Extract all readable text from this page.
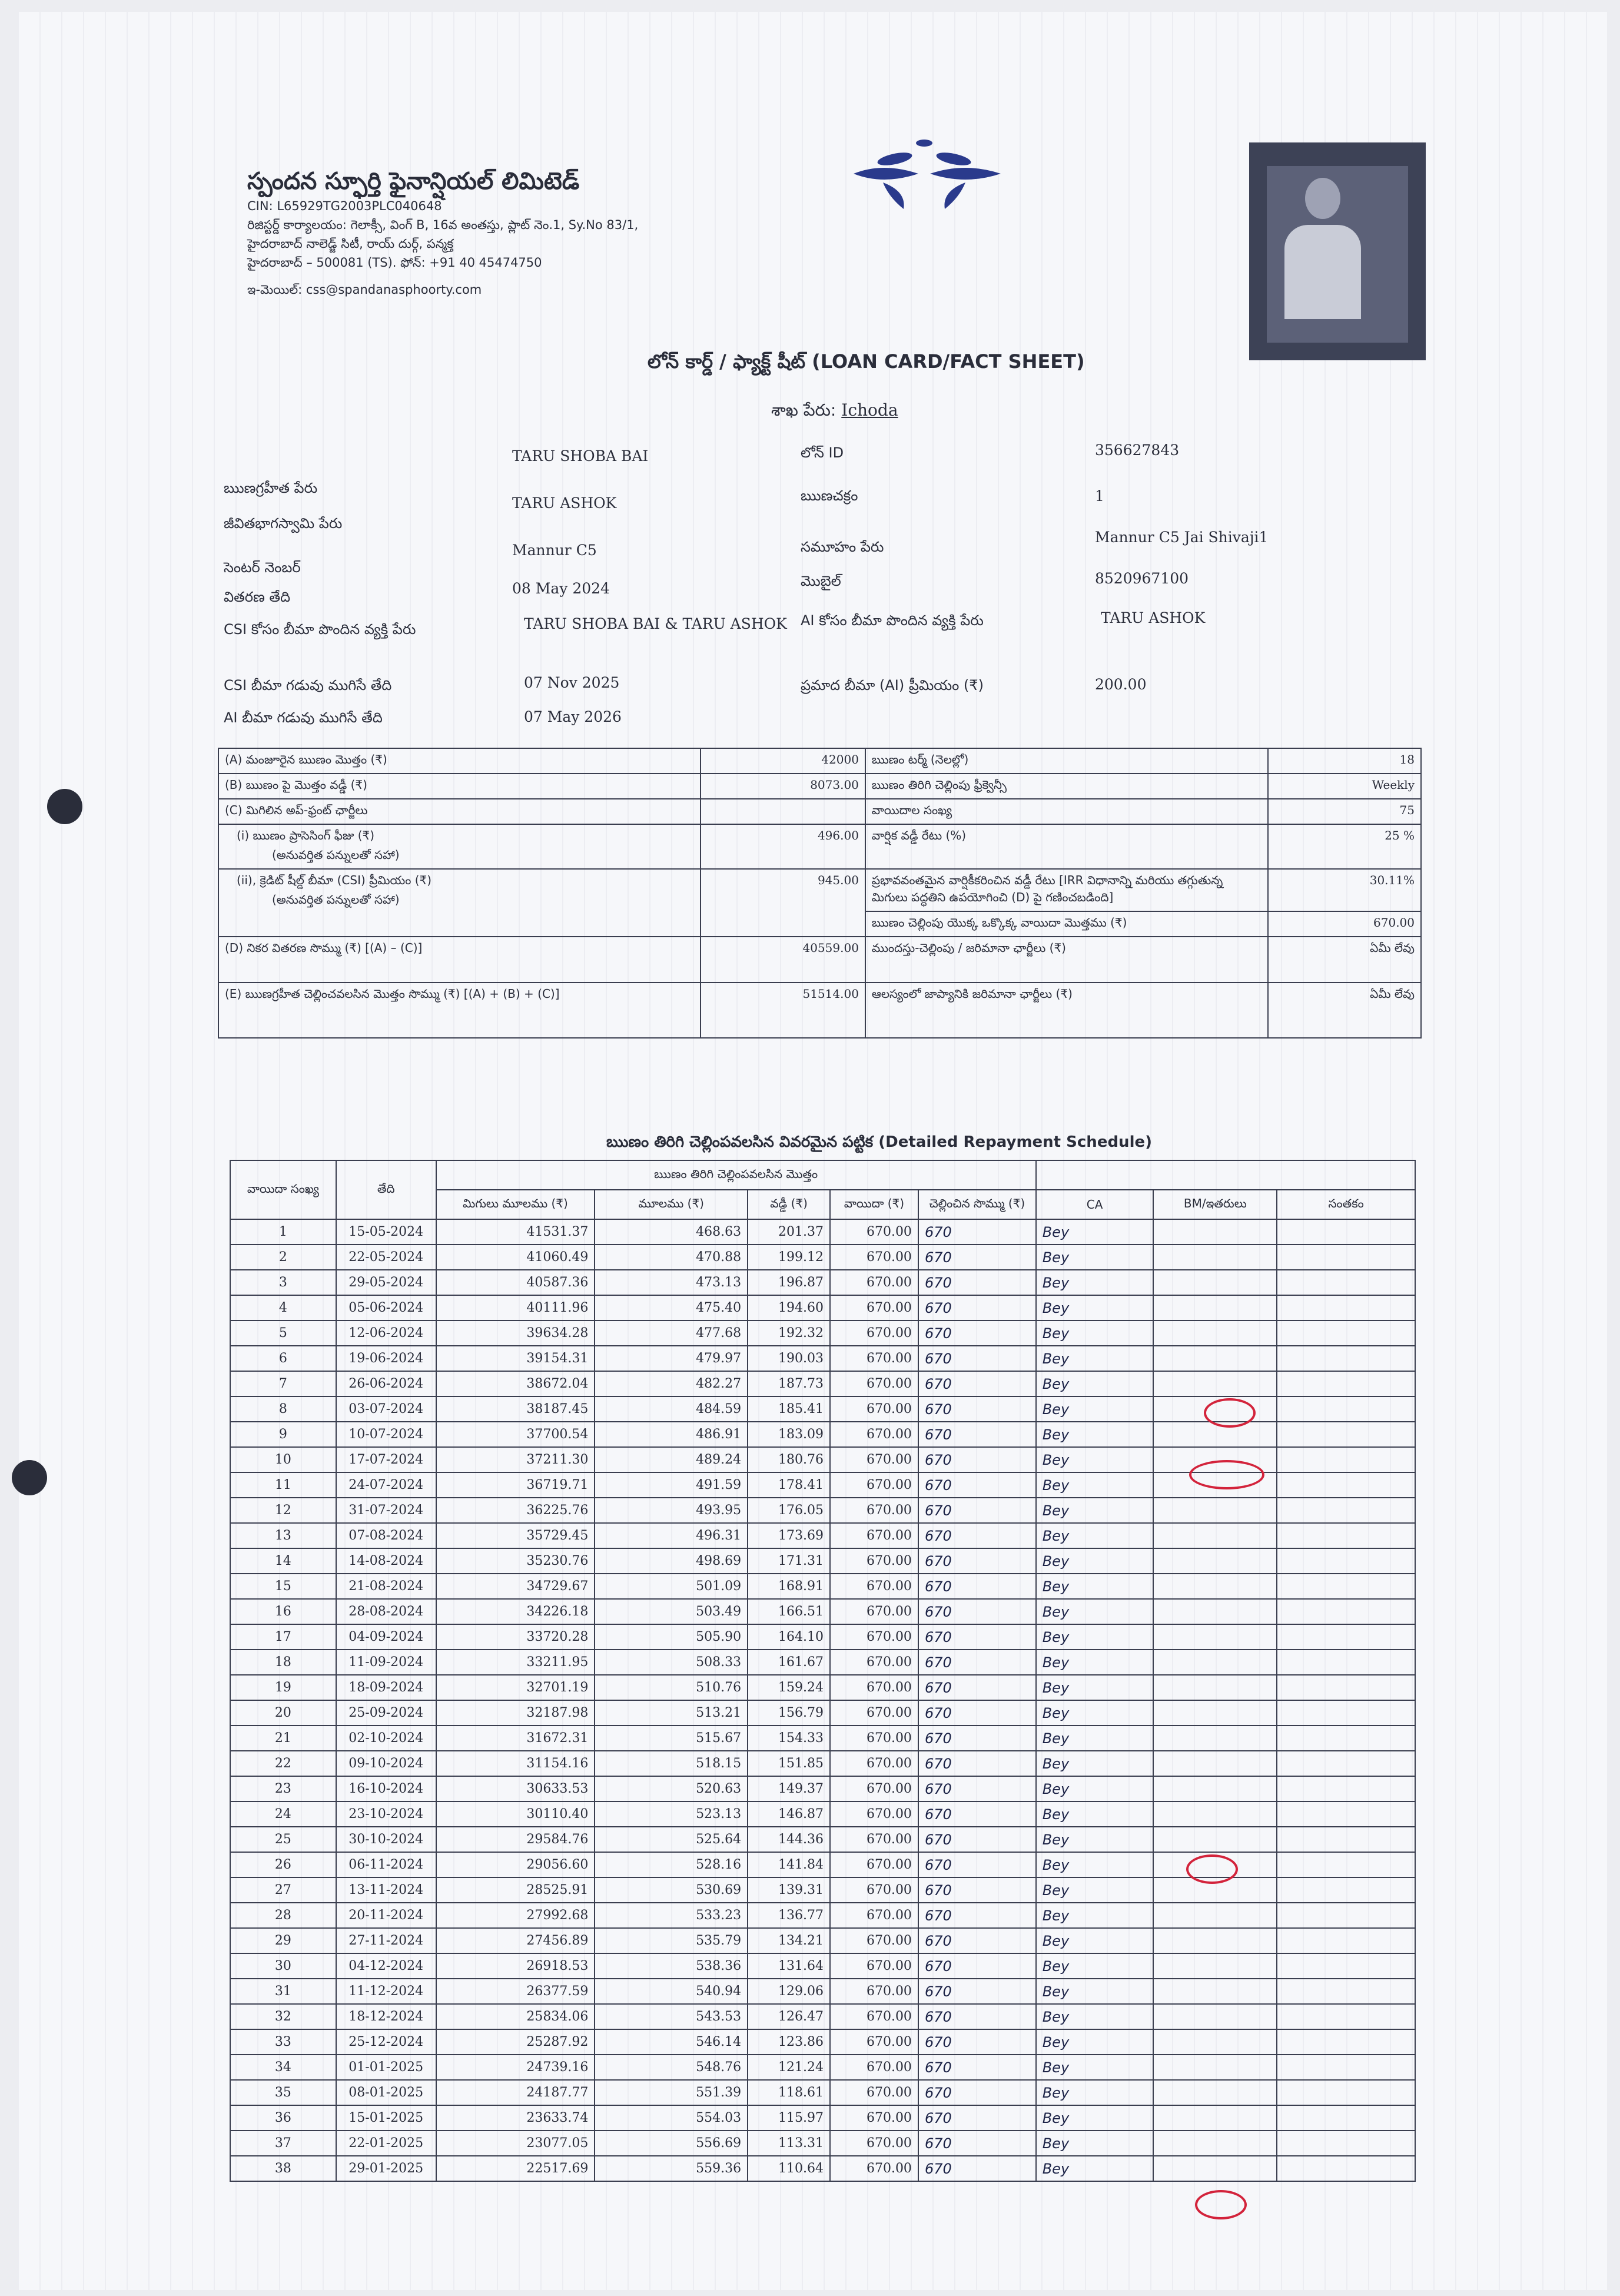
స్పందన స్ఫూర్తి ఫైనాన్షియల్ లిమిటెడ్
CIN: L65929TG2003PLC040648
రిజిస్టర్డ్ కార్యాలయం: గెలాక్సీ, వింగ్ B, 16వ అంతస్తు, ప్లాట్ నెం.1, Sy.No 83/1,
హైదరాబాద్ నాలెడ్జ్ సిటీ, రాయ్ దుర్గ్, పన్మక్త
హైదరాబాద్ – 500081 (TS). ఫోన్: +91 40 45474750
ఇ-మెయిల్: css@spandanasphoorty.com
లోన్ కార్డ్ / ఫ్యాక్ట్ షీట్ (LOAN CARD/FACT SHEET)
శాఖ పేరు: Ichoda
ఋణగ్రహీత పేరు
TARU SHOBA BAI
జీవితభాగస్వామి పేరు
TARU ASHOK
సెంటర్ నెంబర్
Mannur C5
వితరణ తేది	08 May 2024
CSI కోసం బీమా పొందిన వ్యక్తి పేరు	TARU SHOBA BAI & TARU ASHOK
CSI బీమా గడువు ముగిసే తేది	07 Nov 2025
AI బీమా గడువు ముగిసే తేది	07 May 2026
లోన్ ID	356627843
ఋణచక్రం	1
సమూహం పేరు
Mannur C5 Jai Shivaji1
మొబైల్	8520967100
AI కోసం బీమా పొందిన వ్యక్తి పేరు	TARU ASHOK
ప్రమాద బీమా (AI) ప్రీమియం (₹)	200.00
(A) మంజూరైన ఋణం మొత్తం (₹)	42000	ఋణం టర్మ్ (నెలల్లో)	18
(B) ఋణం పై మొత్తం వడ్డీ (₹)	8073.00	ఋణం తిరిగి చెల్లింపు ఫ్రీక్వెన్సీ	Weekly
(C) మిగిలిన అప్-ఫ్రంట్ ఛార్జీలు		వాయిదాల సంఖ్య	75
(i) ఋణం ప్రాసెసింగ్ ఫీజు (₹)
(అనువర్తిత పన్నులతో సహా)	496.00	వార్షిక వడ్డీ రేటు (%)	25 %
(ii), క్రెడిట్ షీల్డ్ బీమా (CSI) ప్రీమియం (₹)
(అనువర్తిత పన్నులతో సహా)	945.00	ప్రభావవంతమైన వార్షికీకరించిన వడ్డీ రేటు [IRR విధానాన్ని మరియు తగ్గుతున్న మిగులు పద్ధతిని ఉపయోగించి (D) పై గణించబడింది]	30.11%
		ఋణం చెల్లింపు యొక్క ఒక్కొక్క వాయిదా మొత్తము (₹)	670.00
(D) నికర వితరణ సొమ్ము (₹) [(A) – (C)]	40559.00	ముందస్తు-చెల్లింపు / జరిమానా ఛార్జీలు (₹)	ఏమీ లేవు
(E) ఋణగ్రహీత చెల్లించవలసిన మొత్తం సొమ్ము (₹) [(A) + (B) + (C)]	51514.00	ఆలస్యంలో జాప్యానికి జరిమానా ఛార్జీలు (₹)	ఏమీ లేవు
ఋణం తిరిగి చెల్లింపవలసిన వివరమైన పట్టిక (Detailed Repayment Schedule)
వాయిదా సంఖ్య	తేది	ఋణం తిరిగి చెల్లింపవలసిన మొత్తం							
		మిగులు మూలము (₹)	మూలము (₹)	వడ్డీ (₹)	వాయిదా (₹)	చెల్లించిన సొమ్ము (₹)	CA	BM/ఇతరులు	సంతకం
1	15-05-2024	41531.37	468.63	201.37	670.00	670	Bey		
2	22-05-2024	41060.49	470.88	199.12	670.00	670	Bey		
3	29-05-2024	40587.36	473.13	196.87	670.00	670	Bey		
4	05-06-2024	40111.96	475.40	194.60	670.00	670	Bey		
5	12-06-2024	39634.28	477.68	192.32	670.00	670	Bey		
6	19-06-2024	39154.31	479.97	190.03	670.00	670	Bey		
7	26-06-2024	38672.04	482.27	187.73	670.00	670	Bey		
8	03-07-2024	38187.45	484.59	185.41	670.00	670	Bey		
9	10-07-2024	37700.54	486.91	183.09	670.00	670	Bey		
10	17-07-2024	37211.30	489.24	180.76	670.00	670	Bey		
11	24-07-2024	36719.71	491.59	178.41	670.00	670	Bey		
12	31-07-2024	36225.76	493.95	176.05	670.00	670	Bey		
13	07-08-2024	35729.45	496.31	173.69	670.00	670	Bey		
14	14-08-2024	35230.76	498.69	171.31	670.00	670	Bey		
15	21-08-2024	34729.67	501.09	168.91	670.00	670	Bey		
16	28-08-2024	34226.18	503.49	166.51	670.00	670	Bey		
17	04-09-2024	33720.28	505.90	164.10	670.00	670	Bey		
18	11-09-2024	33211.95	508.33	161.67	670.00	670	Bey		
19	18-09-2024	32701.19	510.76	159.24	670.00	670	Bey		
20	25-09-2024	32187.98	513.21	156.79	670.00	670	Bey		
21	02-10-2024	31672.31	515.67	154.33	670.00	670	Bey		
22	09-10-2024	31154.16	518.15	151.85	670.00	670	Bey		
23	16-10-2024	30633.53	520.63	149.37	670.00	670	Bey		
24	23-10-2024	30110.40	523.13	146.87	670.00	670	Bey		
25	30-10-2024	29584.76	525.64	144.36	670.00	670	Bey		
26	06-11-2024	29056.60	528.16	141.84	670.00	670	Bey		
27	13-11-2024	28525.91	530.69	139.31	670.00	670	Bey		
28	20-11-2024	27992.68	533.23	136.77	670.00	670	Bey		
29	27-11-2024	27456.89	535.79	134.21	670.00	670	Bey		
30	04-12-2024	26918.53	538.36	131.64	670.00	670	Bey		
31	11-12-2024	26377.59	540.94	129.06	670.00	670	Bey		
32	18-12-2024	25834.06	543.53	126.47	670.00	670	Bey		
33	25-12-2024	25287.92	546.14	123.86	670.00	670	Bey		
34	01-01-2025	24739.16	548.76	121.24	670.00	670	Bey		
35	08-01-2025	24187.77	551.39	118.61	670.00	670	Bey		
36	15-01-2025	23633.74	554.03	115.97	670.00	670	Bey		
37	22-01-2025	23077.05	556.69	113.31	670.00	670	Bey		
38	29-01-2025	22517.69	559.36	110.64	670.00	670	Bey		
